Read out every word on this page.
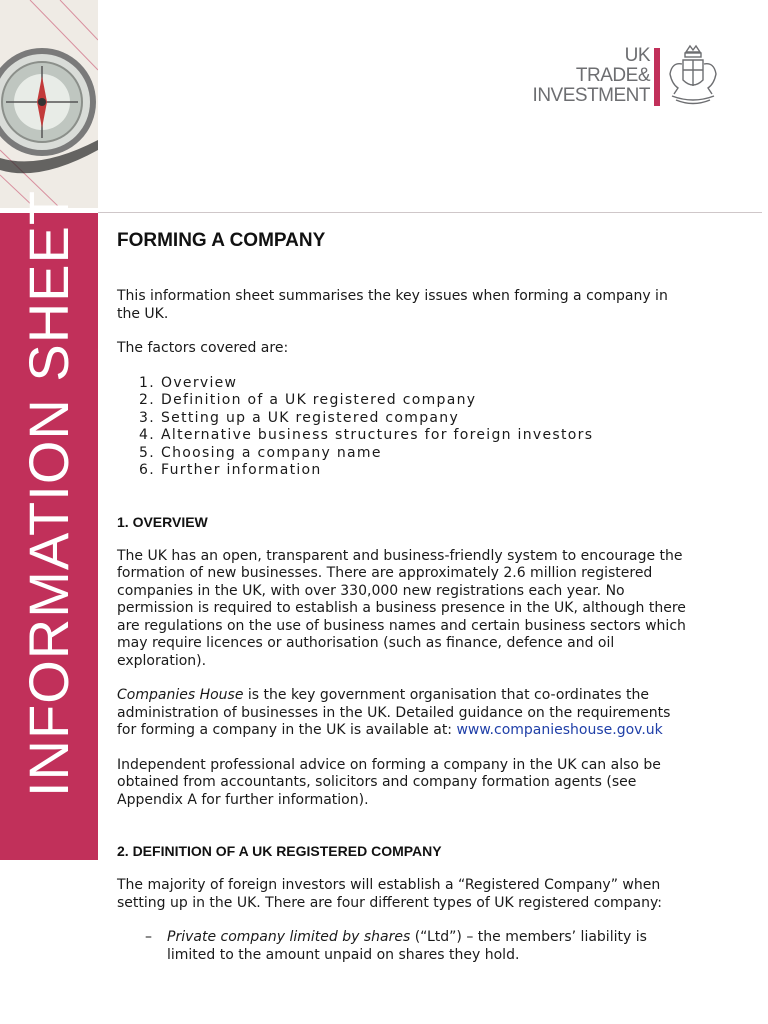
UK
TRADE&
INVESTMENT
INFORMATION SHEET FORMING A COMPANY

This information sheet summarises the key issues when forming a company in the UK.

The factors covered are:

1. Overview
2. Definition of a UK registered company
3. Setting up a UK registered company
4. Alternative business structures for foreign investors
5. Choosing a company name
6. Further information
1. OVERVIEW

The UK has an open, transparent and business-friendly system to encourage the formation of new businesses. There are approximately 2.6 million registered companies in the UK, with over 330,000 new registrations each year. No permission is required to establish a business presence in the UK, although there are regulations on the use of business names and certain business sectors which may require licences or authorisation (such as finance, defence and oil exploration).

Companies House is the key government organisation that co-ordinates the administration of businesses in the UK. Detailed guidance on the requirements for forming a company in the UK is available at: www.companieshouse.gov.uk

Independent professional advice on forming a company in the UK can also be obtained from accountants, solicitors and company formation agents (see Appendix A for further information).

2. DEFINITION OF A UK REGISTERED COMPANY

The majority of foreign investors will establish a “Registered Company” when setting up in the UK. There are four different types of UK registered company:

–	Private company limited by shares (“Ltd”) – the members’ liability is limited to the amount unpaid on shares they hold.
